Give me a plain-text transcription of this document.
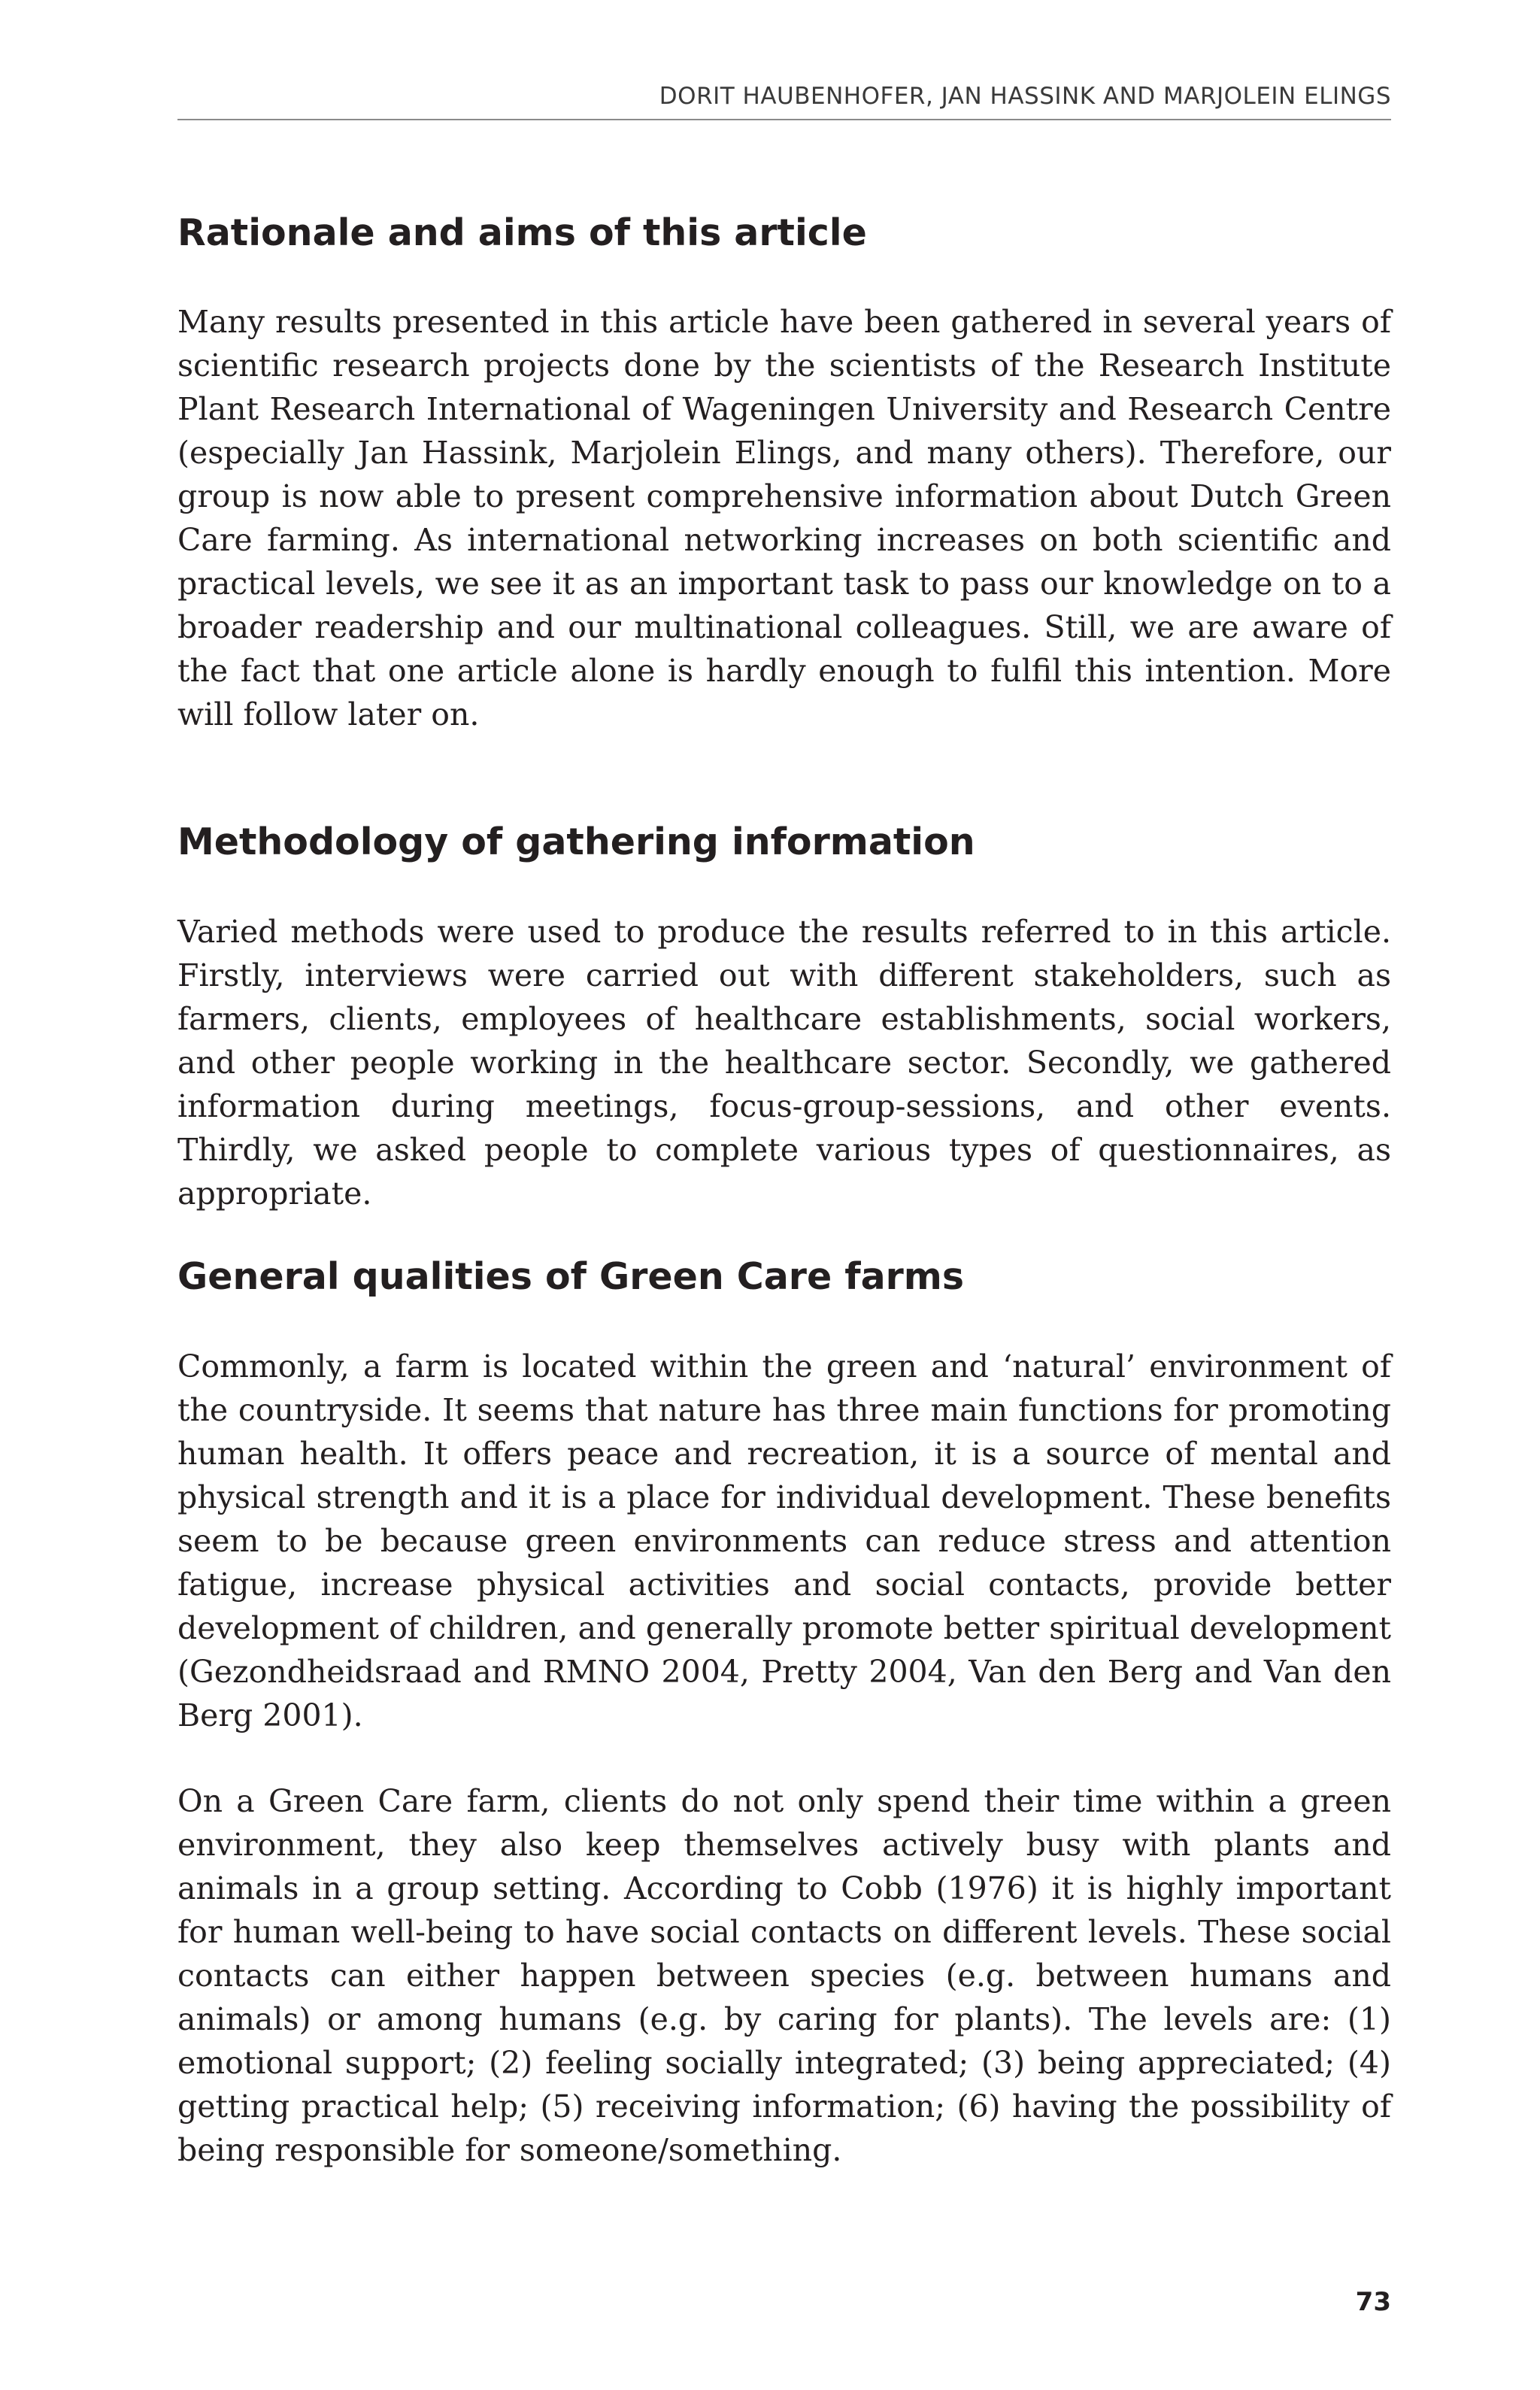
DORIT HAUBENHOFER, JAN HASSINK AND MARJOLEIN ELINGS
Rationale and aims of this article

Many results presented in this article have been gathered in several years of scientific research projects done by the scientists of the Research Institute Plant Research International of Wageningen University and Research Centre (especially Jan Hassink, Marjolein Elings, and many others). Therefore, our group is now able to present comprehensive information about Dutch Green Care farming. As international networking increases on both scientific and practical levels, we see it as an important task to pass our knowledge on to a broader readership and our multinational colleagues. Still, we are aware of the fact that one article alone is hardly enough to fulfil this intention. More will follow later on.

Methodology of gathering information

Varied methods were used to produce the results referred to in this article. Firstly, interviews were carried out with different stakeholders, such as farmers, clients, employees of healthcare establishments, social workers, and other people working in the healthcare sector. Secondly, we gathered information during meetings, focus-group-sessions, and other events. Thirdly, we asked people to complete various types of questionnaires, as appropriate.

General qualities of Green Care farms

Commonly, a farm is located within the green and ‘natural’ environment of the countryside. It seems that nature has three main functions for promoting human health. It offers peace and recreation, it is a source of mental and physical strength and it is a place for individual development. These benefits seem to be because green environments can reduce stress and attention fatigue, increase physical activities and social contacts, provide better development of children, and generally promote better spiritual development (Gezondheidsraad and RMNO 2004, Pretty 2004, Van den Berg and Van den Berg 2001).

On a Green Care farm, clients do not only spend their time within a green environment, they also keep themselves actively busy with plants and animals in a group setting. According to Cobb (1976) it is highly important for human well-being to have social contacts on different levels. These social contacts can either happen between species (e.g. between humans and animals) or among humans (e.g. by caring for plants). The levels are: (1) emotional support; (2) feeling socially integrated; (3) being appreciated; (4) getting practical help; (5) receiving information; (6) having the possibility of being responsible for someone/something.

73
